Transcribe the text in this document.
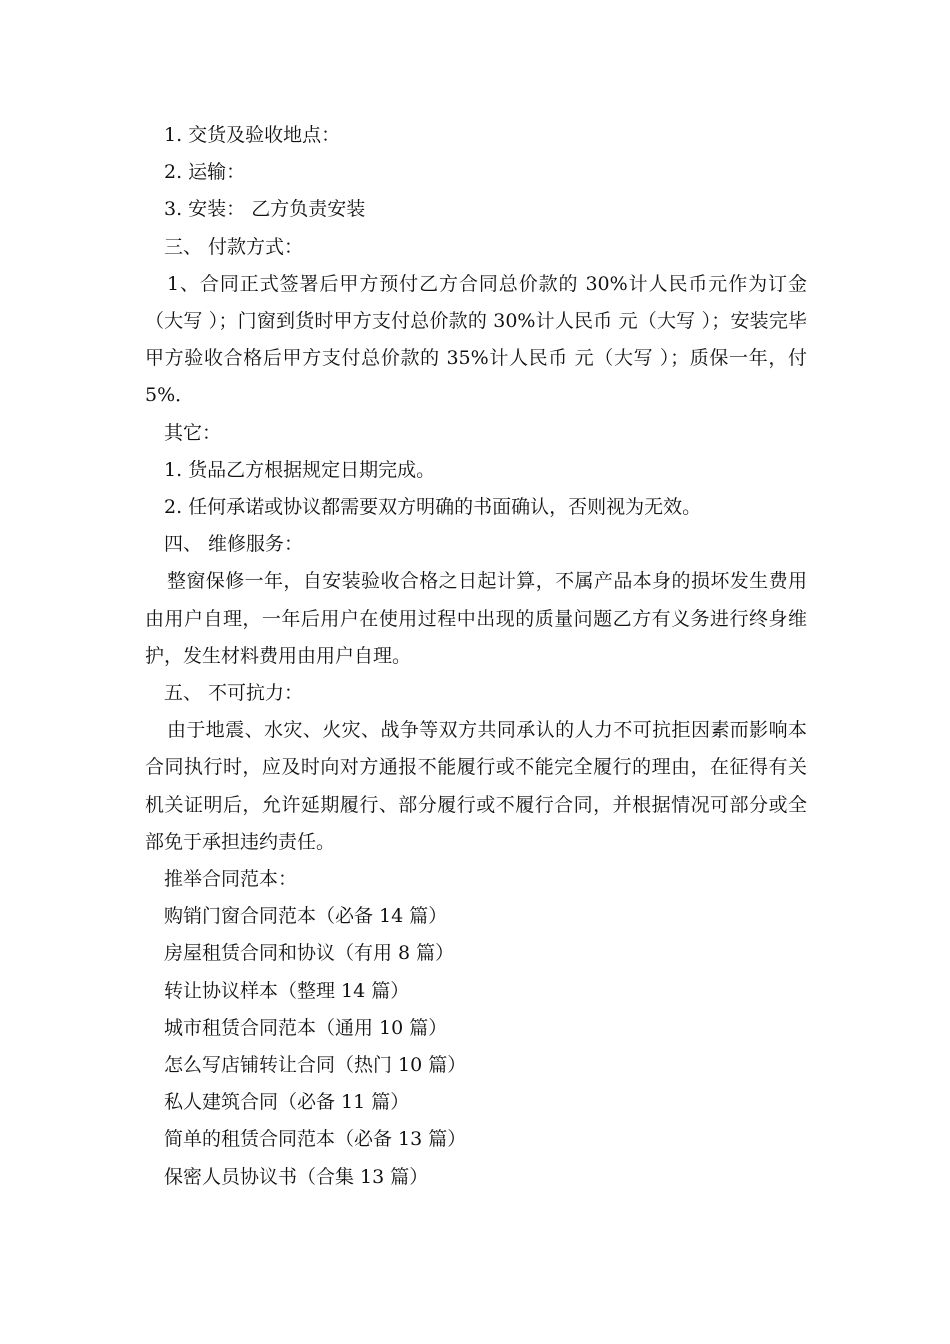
1. 交货及验收地点：

2. 运输：

3. 安装： 乙方负责安装

三、 付款方式：

1、合同正式签署后甲方预付乙方合同总价款的 30%计人民币元作为订金（大写 ）；门窗到货时甲方支付总价款的 30%计人民币 元（大写 ）；安装完毕甲方验收合格后甲方支付总价款的 35%计人民币 元（大写 ）；质保一年，付 5%．

其它：

1. 货品乙方根据规定日期完成。

2. 任何承诺或协议都需要双方明确的书面确认，否则视为无效。

四、 维修服务：

整窗保修一年，自安装验收合格之日起计算，不属产品本身的损坏发生费用由用户自理，一年后用户在使用过程中出现的质量问题乙方有义务进行终身维护，发生材料费用由用户自理。

五、 不可抗力：

由于地震、水灾、火灾、战争等双方共同承认的人力不可抗拒因素而影响本合同执行时，应及时向对方通报不能履行或不能完全履行的理由，在征得有关机关证明后，允许延期履行、部分履行或不履行合同，并根据情况可部分或全部免于承担违约责任。

推举合同范本：

购销门窗合同范本（必备 14 篇）

房屋租赁合同和协议（有用 8 篇）

转让协议样本（整理 14 篇）

城市租赁合同范本（通用 10 篇）

怎么写店铺转让合同（热门 10 篇）

私人建筑合同（必备 11 篇）

简单的租赁合同范本（必备 13 篇）

保密人员协议书（合集 13 篇）
